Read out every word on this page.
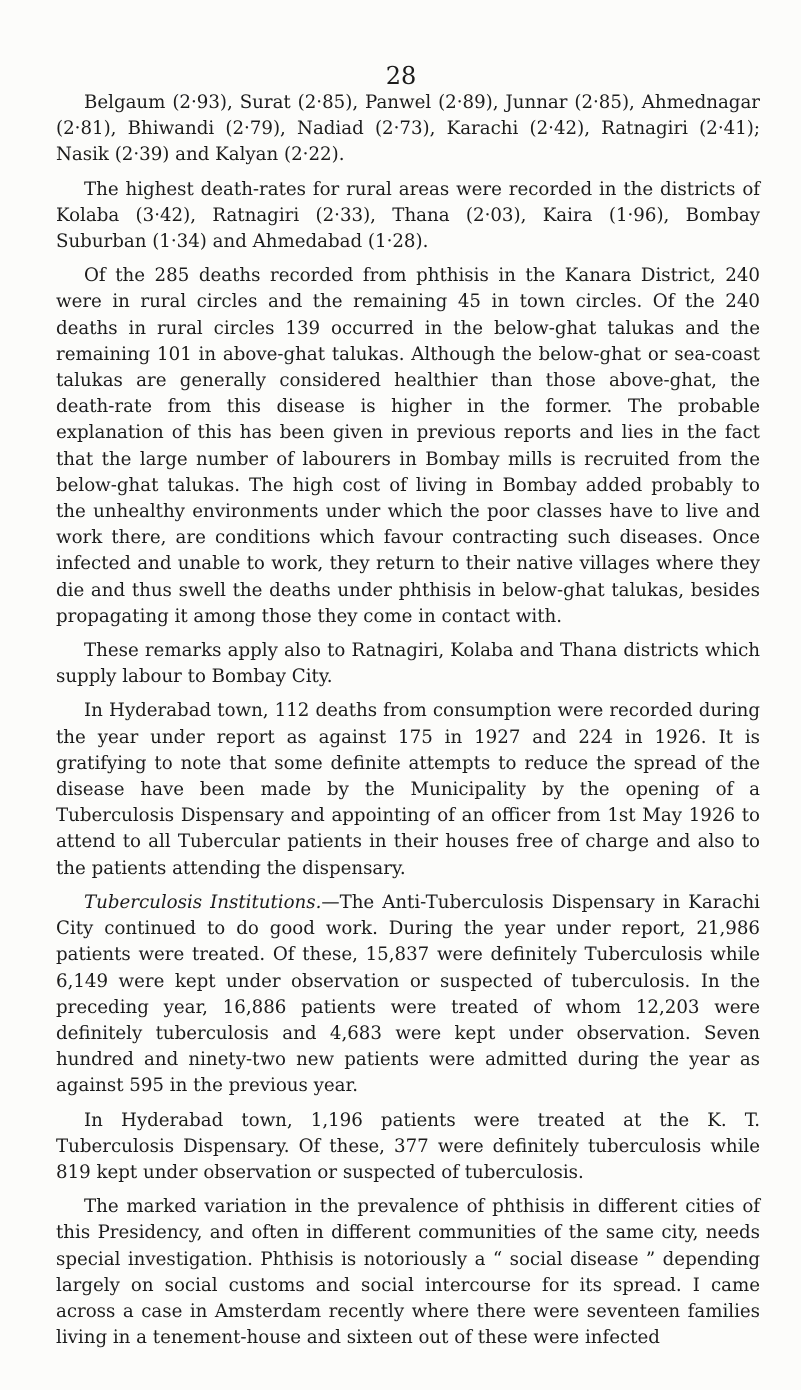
28

Belgaum (2·93), Surat (2·85), Panwel (2·89), Junnar (2·85), Ahmednagar (2·81), Bhiwandi (2·79), Nadiad (2·73), Karachi (2·42), Ratnagiri (2·41); Nasik (2·39) and Kalyan (2·22).

The highest death-rates for rural areas were recorded in the districts of Kolaba (3·42), Ratnagiri (2·33), Thana (2·03), Kaira (1·96), Bombay Suburban (1·34) and Ahmedabad (1·28).

Of the 285 deaths recorded from phthisis in the Kanara District, 240 were in rural circles and the remaining 45 in town circles. Of the 240 deaths in rural circles 139 occurred in the below-ghat talukas and the remaining 101 in above-ghat talukas. Although the below-ghat or sea-coast talukas are generally considered healthier than those above-ghat, the death-rate from this disease is higher in the former. The probable explanation of this has been given in previous reports and lies in the fact that the large number of labourers in Bombay mills is recruited from the below-ghat talukas. The high cost of living in Bombay added probably to the unhealthy environments under which the poor classes have to live and work there, are conditions which favour contracting such diseases. Once infected and unable to work, they return to their native villages where they die and thus swell the deaths under phthisis in below-ghat talukas, besides propagating it among those they come in contact with.

These remarks apply also to Ratnagiri, Kolaba and Thana districts which supply labour to Bombay City.

In Hyderabad town, 112 deaths from consumption were recorded during the year under report as against 175 in 1927 and 224 in 1926. It is gratifying to note that some definite attempts to reduce the spread of the disease have been made by the Municipality by the opening of a Tuberculosis Dispensary and appointing of an officer from 1st May 1926 to attend to all Tubercular patients in their houses free of charge and also to the patients attending the dispensary.

Tuberculosis Institutions.—The Anti-Tuberculosis Dispensary in Karachi City continued to do good work. During the year under report, 21,986 patients were treated. Of these, 15,837 were definitely Tuberculosis while 6,149 were kept under observation or suspected of tuberculosis. In the preceding year, 16,886 patients were treated of whom 12,203 were definitely tuberculosis and 4,683 were kept under observation. Seven hundred and ninety-two new patients were admitted during the year as against 595 in the previous year.

In Hyderabad town, 1,196 patients were treated at the K. T. Tuberculosis Dispensary. Of these, 377 were definitely tuberculosis while 819 kept under observation or suspected of tuberculosis.

The marked variation in the prevalence of phthisis in different cities of this Presidency, and often in different communities of the same city, needs special investigation. Phthisis is notoriously a “ social disease ” depending largely on social customs and social intercourse for its spread. I came across a case in Amsterdam recently where there were seventeen families living in a tenement-house and sixteen out of these were infected
